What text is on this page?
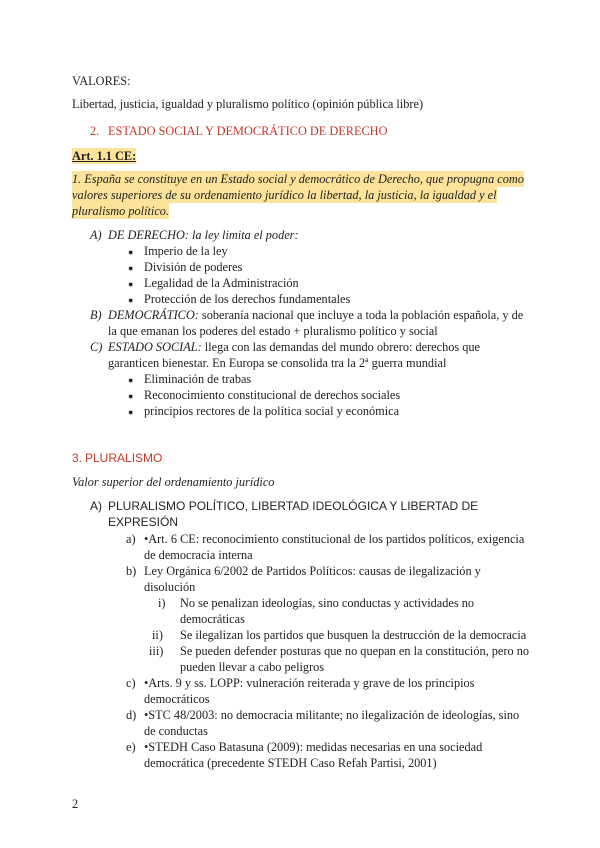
VALORES:
Libertad, justicia, igualdad y pluralismo político (opinión pública libre)
2. ESTADO SOCIAL Y DEMOCRÁTICO DE DERECHO
Art. 1.1 CE:
1. España se constituye en un Estado social y democrático de Derecho, que propugna como
valores superiores de su ordenamiento jurídico la libertad, la justicia, la igualdad y el
pluralismo político.
A) DE DERECHO: la ley limita el poder:
● Imperio de la ley
● División de poderes
● Legalidad de la Administración
● Protección de los derechos fundamentales
B) DEMOCRÁTICO: soberanía nacional que incluye a toda la población española, y de
la que emanan los poderes del estado + pluralismo político y social
C) ESTADO SOCIAL: llega con las demandas del mundo obrero: derechos que
garanticen bienestar. En Europa se consolida tra la 2ª guerra mundial
● Eliminación de trabas
● Reconocimiento constitucional de derechos sociales
● principios rectores de la política social y económica
3. PLURALISMO
Valor superior del ordenamiento jurídico
A) PLURALISMO POLÍTICO, LIBERTAD IDEOLÓGICA Y LIBERTAD DE
EXPRESIÓN
a) •Art. 6 CE: reconocimiento constitucional de los partidos políticos, exigencia
de democracia interna
b) Ley Orgánica 6/2002 de Partidos Políticos: causas de ilegalización y
disolución
i) No se penalizan ideologías, sino conductas y actividades no
democráticas
ii) Se ilegalizan los partidos que busquen la destrucción de la democracia
iii) Se pueden defender posturas que no quepan en la constitución, pero no
pueden llevar a cabo peligros
c) •Arts. 9 y ss. LOPP: vulneración reiterada y grave de los principios
democráticos
d) •STC 48/2003: no democracia militante; no ilegalización de ideologías, sino
de conductas
e) •STEDH Caso Batasuna (2009): medidas necesarias en una sociedad
democrática (precedente STEDH Caso Refah Partisi, 2001)
2
